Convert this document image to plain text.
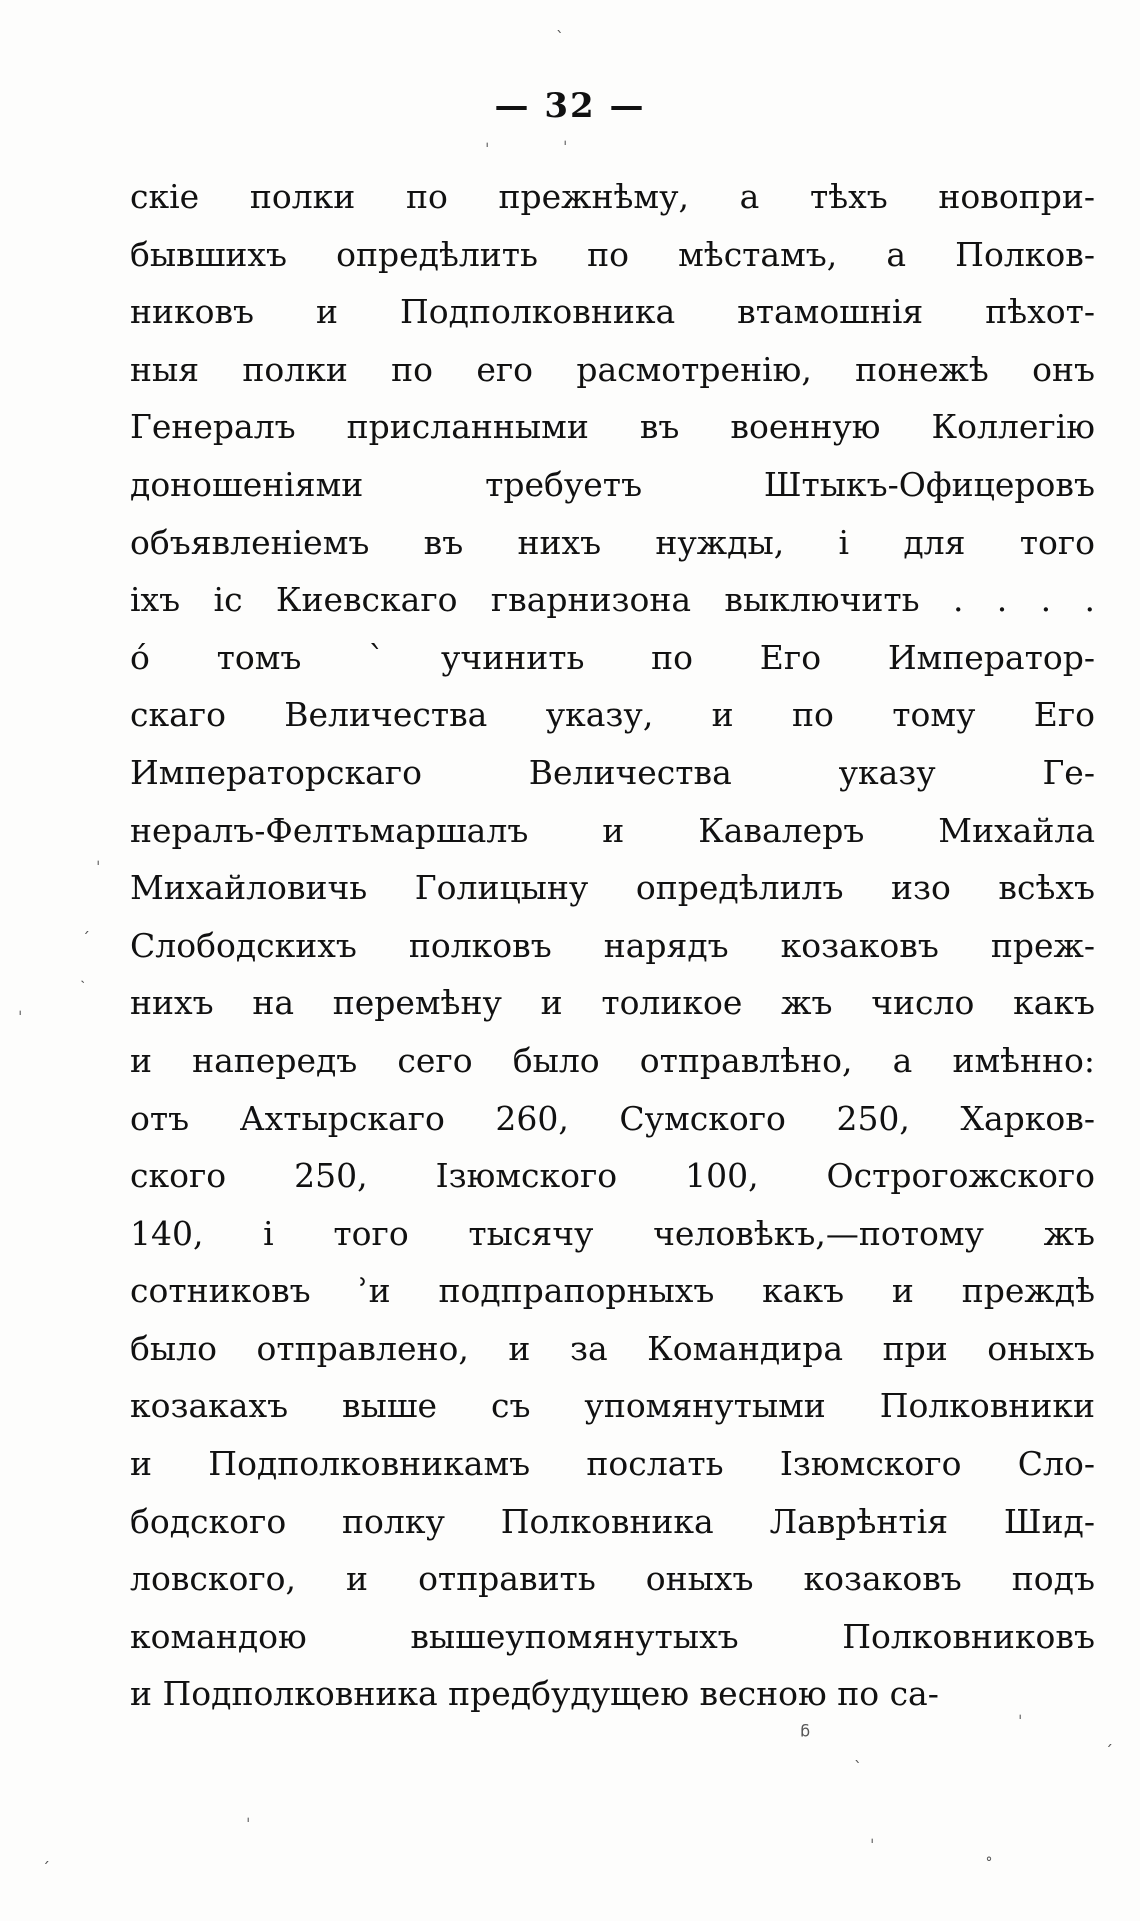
— 32 —
скіе полки по прежнѣму, а тѣхъ новопри-
бывшихъ опредѣлить по мѣстамъ, а Полков-
никовъ и Подполковника втамошнія пѣхот-
ныя полки по его расмотренію, понежѣ онъ
Генералъ присланными въ военную Коллегію
доношеніями требуетъ Штыкъ-Офицеровъ
объявленіемъ въ нихъ нужды, і для того
іхъ іс Киевскаго гварнизона выключить . . . .
о́ томъ ˋучинить по Его Император-
скаго Величества указу, и по тому Его
Императорскаго Величества указу Ге-
нералъ-Фелтьмаршалъ и Кавалеръ Михайла
Михайловичь Голицыну опредѣлилъ изо всѣхъ
Слободскихъ полковъ нарядъ козаковъ преж-
нихъ на перемѣну и толикое жъ число какъ
и напередъ сего было отправлѣно, а имѣнно:
отъ Ахтырскаго 260, Сумского 250, Харков-
ского 250, Ізюмского 100, Острогожского
140, і того тысячу человѣкъ,—потому жъ
сотниковъ ʾи подпрапорныхъ какъ и преждѣ
было отправлено, и за Командира при оныхъ
козакахъ выше съ упомянутыми Полковники
и Подполковникамъ послать Ізюмского Сло-
бодского полку Полковника Лаврѣнтія Шид-
ловского, и отправить оныхъ козаковъ подъ
командою вышеупомянутыхъ Полковниковъ
и Подполковника предбудущею весною по са-
ˋ
ˈ	ˈ
ˈ
ˏ
˴
ˈ
ᵷ	ˈ
ˏ
ˋ
ˈ
ˈ	˳
ˏ
